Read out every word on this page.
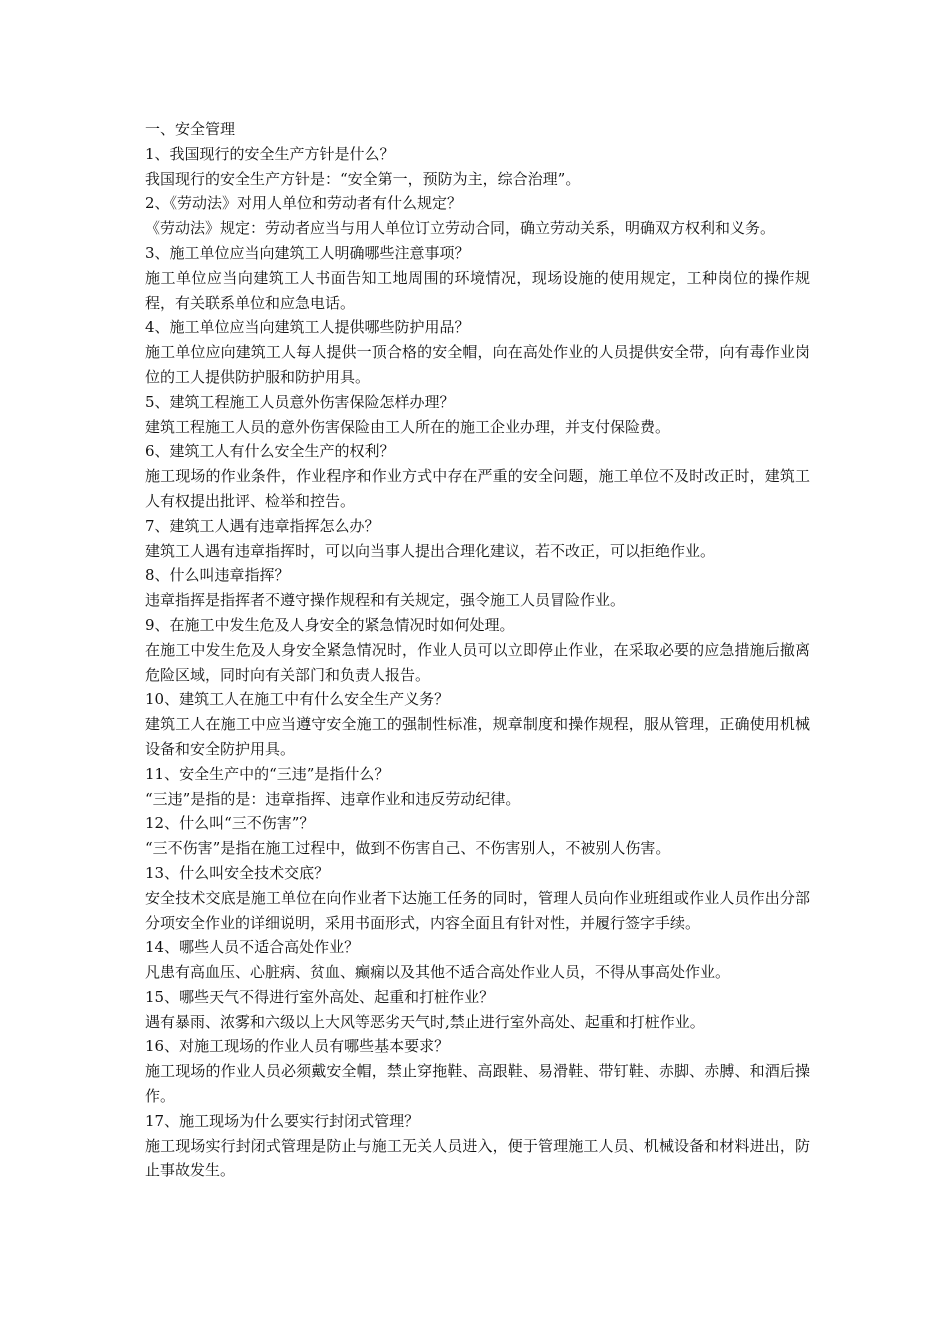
一、安全管理

1、我国现行的安全生产方针是什么？

我国现行的安全生产方针是：“安全第一，预防为主，综合治理”。

2、《劳动法》对用人单位和劳动者有什么规定？

《劳动法》规定：劳动者应当与用人单位订立劳动合同，确立劳动关系，明确双方权利和义务。

3、施工单位应当向建筑工人明确哪些注意事项？

施工单位应当向建筑工人书面告知工地周围的环境情况，现场设施的使用规定，工种岗位的操作规程，有关联系单位和应急电话。

4、施工单位应当向建筑工人提供哪些防护用品？

施工单位应向建筑工人每人提供一顶合格的安全帽，向在高处作业的人员提供安全带，向有毒作业岗位的工人提供防护服和防护用具。

5、建筑工程施工人员意外伤害保险怎样办理？

建筑工程施工人员的意外伤害保险由工人所在的施工企业办理，并支付保险费。

6、建筑工人有什么安全生产的权利？

施工现场的作业条件，作业程序和作业方式中存在严重的安全问题，施工单位不及时改正时，建筑工人有权提出批评、检举和控告。

7、建筑工人遇有违章指挥怎么办？

建筑工人遇有违章指挥时，可以向当事人提出合理化建议，若不改正，可以拒绝作业。

8、什么叫违章指挥？

违章指挥是指挥者不遵守操作规程和有关规定，强令施工人员冒险作业。

9、在施工中发生危及人身安全的紧急情况时如何处理。

在施工中发生危及人身安全紧急情况时，作业人员可以立即停止作业，在采取必要的应急措施后撤离危险区域，同时向有关部门和负责人报告。

10、建筑工人在施工中有什么安全生产义务？

建筑工人在施工中应当遵守安全施工的强制性标准，规章制度和操作规程，服从管理，正确使用机械设备和安全防护用具。

11、安全生产中的“三违”是指什么？

“三违”是指的是：违章指挥、违章作业和违反劳动纪律。

12、什么叫“三不伤害”？

“三不伤害”是指在施工过程中，做到不伤害自己、不伤害别人，不被别人伤害。

13、什么叫安全技术交底？

安全技术交底是施工单位在向作业者下达施工任务的同时，管理人员向作业班组或作业人员作出分部分项安全作业的详细说明，采用书面形式，内容全面且有针对性，并履行签字手续。

14、哪些人员不适合高处作业？

凡患有高血压、心脏病、贫血、癫痫以及其他不适合高处作业人员，不得从事高处作业。

15、哪些天气不得进行室外高处、起重和打桩作业？

遇有暴雨、浓雾和六级以上大风等恶劣天气时,禁止进行室外高处、起重和打桩作业。

16、对施工现场的作业人员有哪些基本要求？

施工现场的作业人员必须戴安全帽，禁止穿拖鞋、高跟鞋、易滑鞋、带钉鞋、赤脚、赤膊、和酒后操作。

17、施工现场为什么要实行封闭式管理？

施工现场实行封闭式管理是防止与施工无关人员进入，便于管理施工人员、机械设备和材料进出，防止事故发生。
